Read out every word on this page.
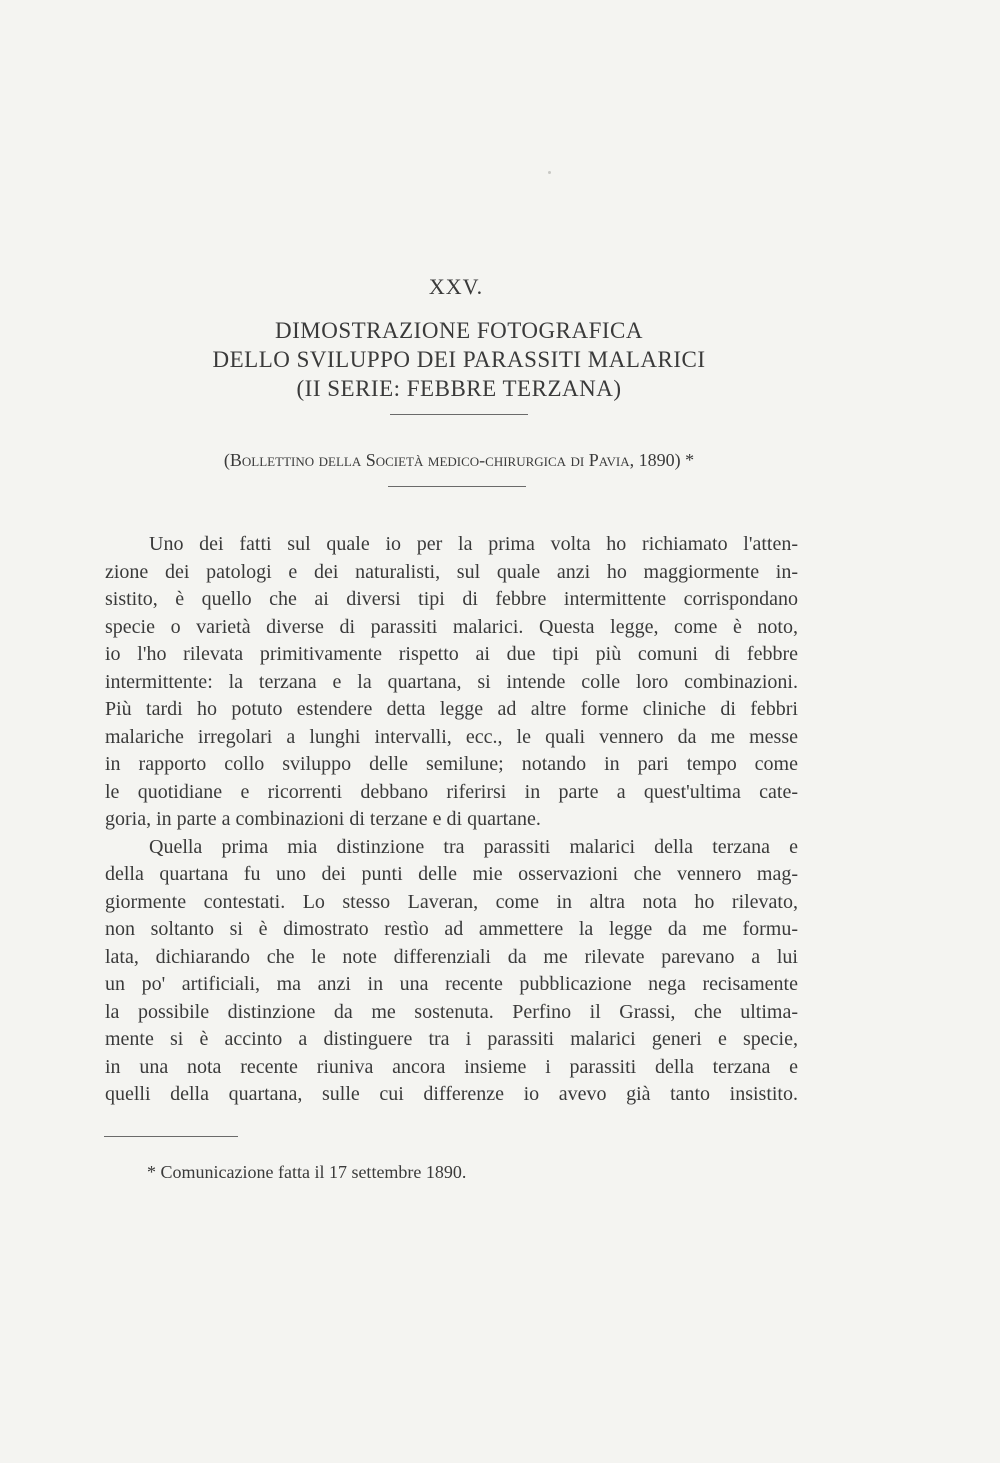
XXV.
DIMOSTRAZIONE FOTOGRAFICA
DELLO SVILUPPO DEI PARASSITI MALARICI
(II SERIE: FEBBRE TERZANA)
(Bollettino della Società medico-chirurgica di Pavia, 1890) *
Uno dei fatti sul quale io per la prima volta ho richiamato l'atten-
zione dei patologi e dei naturalisti, sul quale anzi ho maggiormente in-
sistito, è quello che ai diversi tipi di febbre intermittente corrispondano
specie o varietà diverse di parassiti malarici. Questa legge, come è noto,
io l'ho rilevata primitivamente rispetto ai due tipi più comuni di febbre
intermittente: la terzana e la quartana, si intende colle loro combinazioni.
Più tardi ho potuto estendere detta legge ad altre forme cliniche di febbri
malariche irregolari a lunghi intervalli, ecc., le quali vennero da me messe
in rapporto collo sviluppo delle semilune; notando in pari tempo come
le quotidiane e ricorrenti debbano riferirsi in parte a quest'ultima cate-
goria, in parte a combinazioni di terzane e di quartane.
Quella prima mia distinzione tra parassiti malarici della terzana e
della quartana fu uno dei punti delle mie osservazioni che vennero mag-
giormente contestati. Lo stesso Laveran, come in altra nota ho rilevato,
non soltanto si è dimostrato restìo ad ammettere la legge da me formu-
lata, dichiarando che le note differenziali da me rilevate parevano a lui
un po' artificiali, ma anzi in una recente pubblicazione nega recisamente
la possibile distinzione da me sostenuta. Perfino il Grassi, che ultima-
mente si è accinto a distinguere tra i parassiti malarici generi e specie,
in una nota recente riuniva ancora insieme i parassiti della terzana e
quelli della quartana, sulle cui differenze io avevo già tanto insistito.
* Comunicazione fatta il 17 settembre 1890.
